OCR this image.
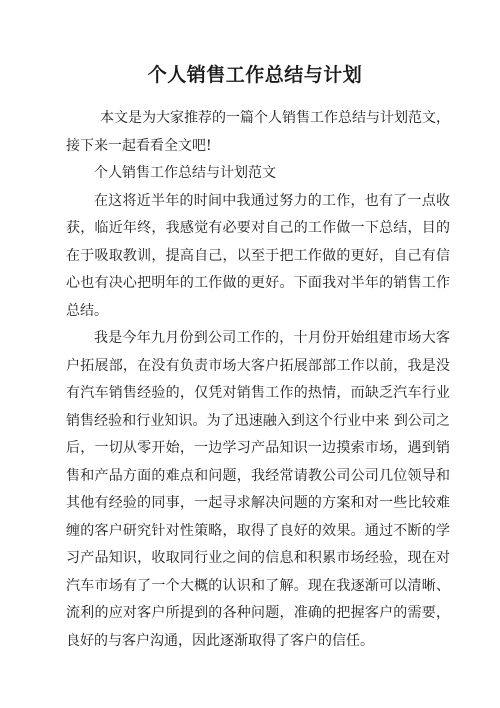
个人销售工作总结与计划

本文是为大家推荐的一篇个人销售工作总结与计划范文，接下来一起看看全文吧!

个人销售工作总结与计划范文

在这将近半年的时间中我通过努力的工作，也有了一点收获，临近年终，我感觉有必要对自己的工作做一下总结，目的在于吸取教训，提高自己，以至于把工作做的更好，自己有信心也有决心把明年的工作做的更好。下面我对半年的销售工作总结。

我是今年九月份到公司工作的，十月份开始组建市场大客户拓展部，在没有负责市场大客户拓展部部工作以前，我是没有汽车销售经验的，仅凭对销售工作的热情，而缺乏汽车行业销售经验和行业知识。为了迅速融入到这个行业中来 到公司之后，一切从零开始，一边学习产品知识一边摸索市场，遇到销售和产品方面的难点和问题，我经常请教公司公司几位领导和其他有经验的同事，一起寻求解决问题的方案和对一些比较难缠的客户研究针对性策略，取得了良好的效果。通过不断的学习产品知识，收取同行业之间的信息和积累市场经验，现在对汽车市场有了一个大概的认识和了解。现在我逐渐可以清晰、流利的应对客户所提到的各种问题，准确的把握客户的需要，良好的与客户沟通，因此逐渐取得了客户的信任。
